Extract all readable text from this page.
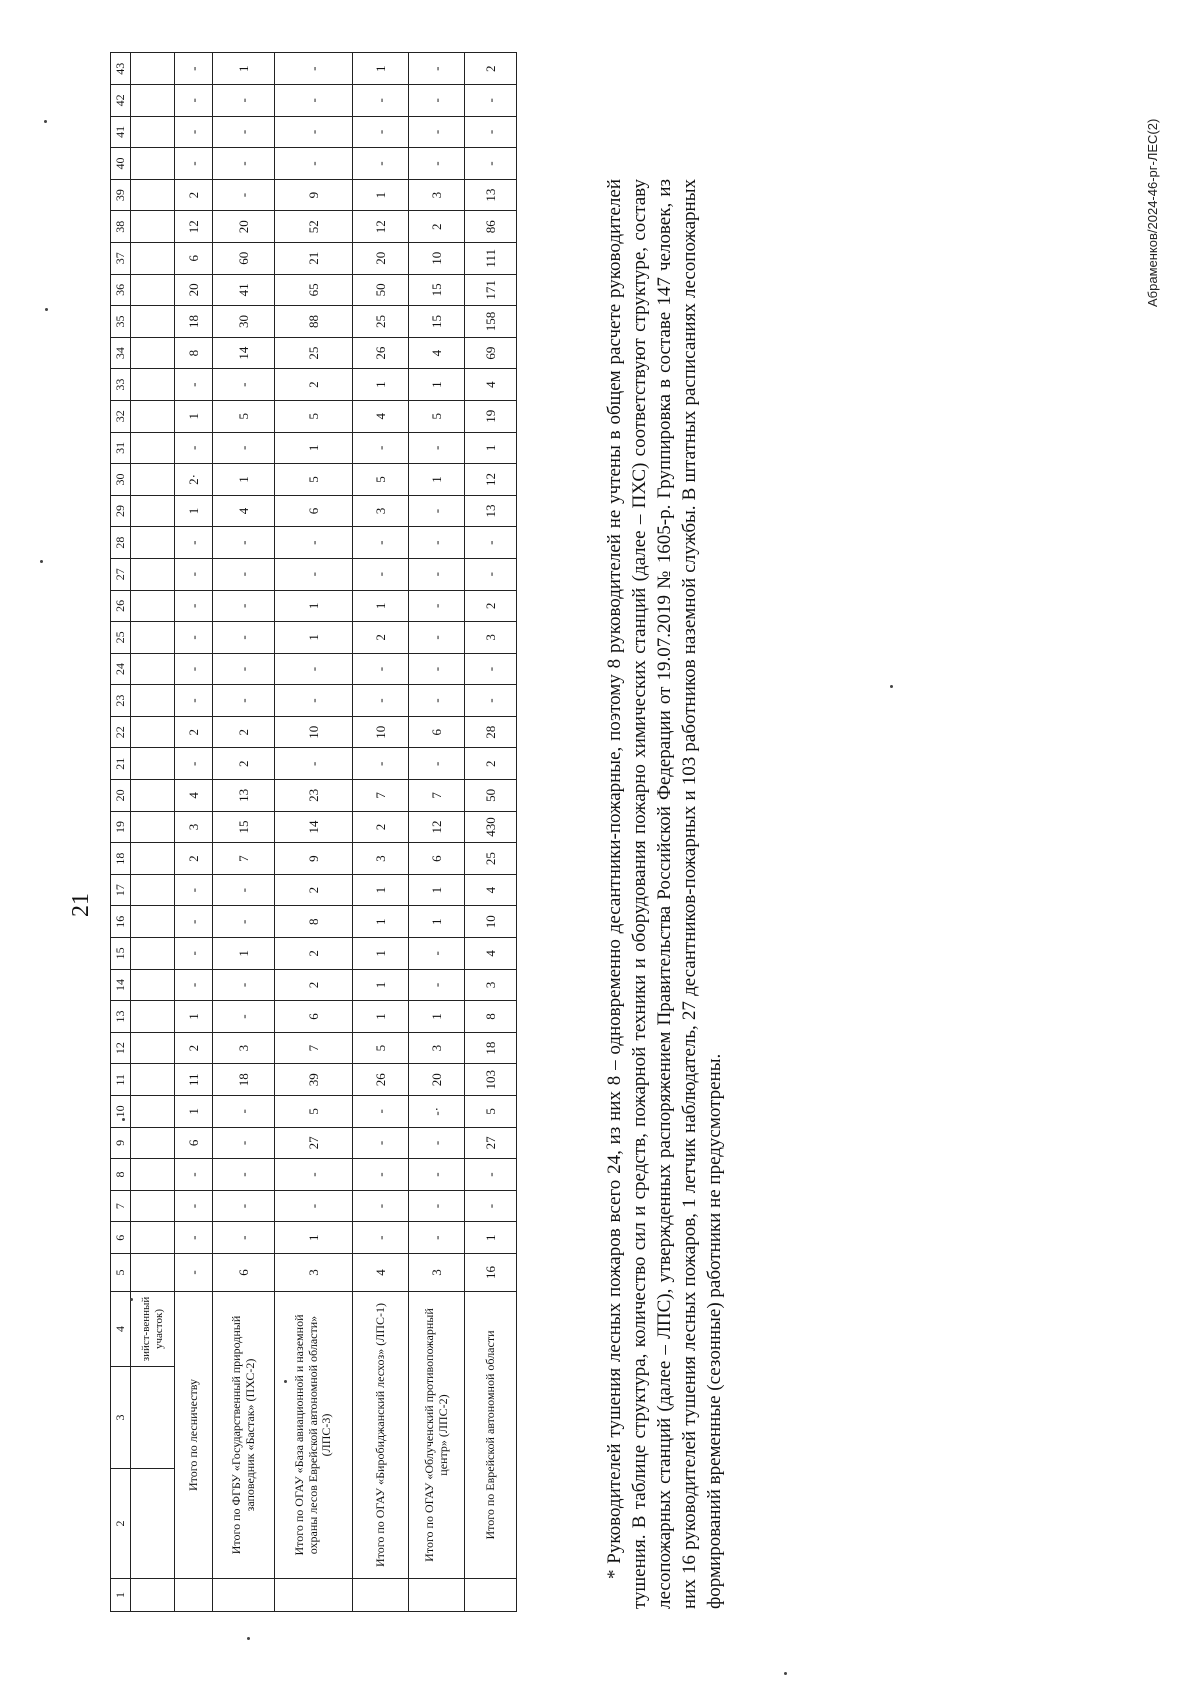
21
1	2	3	4	5	6	7	8	9	10	11	12	13	14	15	16	17	18	19	20	21	22	23	24	25	26	27	28	29	30	31	32	33	34	35	36	37	38	39	40	41	42	43
			зийст-венный участок)																																							
	Итого по лесничеству			-	-	-	-	6	1	11	2	1	-	-	-	-	2	3	4	-	2	-	-	-	-	-	-	1	2·	-	1	-	8	18	20	6	12	2	-	-	-	-
	Итого по ФГБУ «Государственный природный заповедник «Бастак» (ПХС-2)			6	-	-	-	-	-	18	3	-	-	1	-	-	7	15	13	2	2	-	-	-	-	-	-	4	1	-	5	-	14	30	41	60	20	-	-	-	-	1
	Итого по ОГАУ «База авиационной и наземной охраны лесов Еврейской автономной области» (ЛПС-3)			3	1	-	-	27	5	39	7	6	2	2	8	2	9	14	23	-	10	-	-	1	1	-	-	6	5	1	5	2	25	88	65	21	52	9	-	-	-	-
	Итого по ОГАУ «Биробиджанский лесхоз» (ЛПС-1)			4	-	-	-	-	-	26	5	1	1	1	1	1	3	2	7	-	10	-	-	2	1	-	-	3	5	-	4	1	26	25	50	20	12	1	-	-	-	1
	Итого по ОГАУ «Облученский противопожарный центр» (ЛПС-2)			3	-	-	-	-	-·	20	3	1	-	-	1	1	6	12	7	-	6	-	-	-	-	-	-	-	1	-	5	1	4	15	15	10	2	3	-	-	-	-
	Итого по Еврейской автономной области			16	1	-	-	27	5	103	18	8	3	4	10	4	25	430	50	2	28	-	-	3	2	-	-	13	12	1	19	4	69	158	171	111	86	13	-	-	-	2

* Руководителей тушения лесных пожаров всего 24, из них 8 – одновременно десантники-пожарные, поэтому 8 руководителей не учтены в общем расчете руководителей тушения. В таблице структура, количество сил и средств, пожарной техники и оборудования пожарно химических станций (далее – ПХС) соответствуют структуре, составу лесопожарных станций (далее – ЛПС), утвержденных распоряжением Правительства Российской Федерации от 19.07.2019 № 1605-р. Группировка в составе 147 человек, из них 16 руководителей тушения лесных пожаров, 1 летчик наблюдатель, 27 десантников-пожарных и 103 работников наземной службы. В штатных расписаниях лесопожарных формирований временные (сезонные) работники не предусмотрены.

Абраменков/2024-46-рг-ЛЕС(2)
